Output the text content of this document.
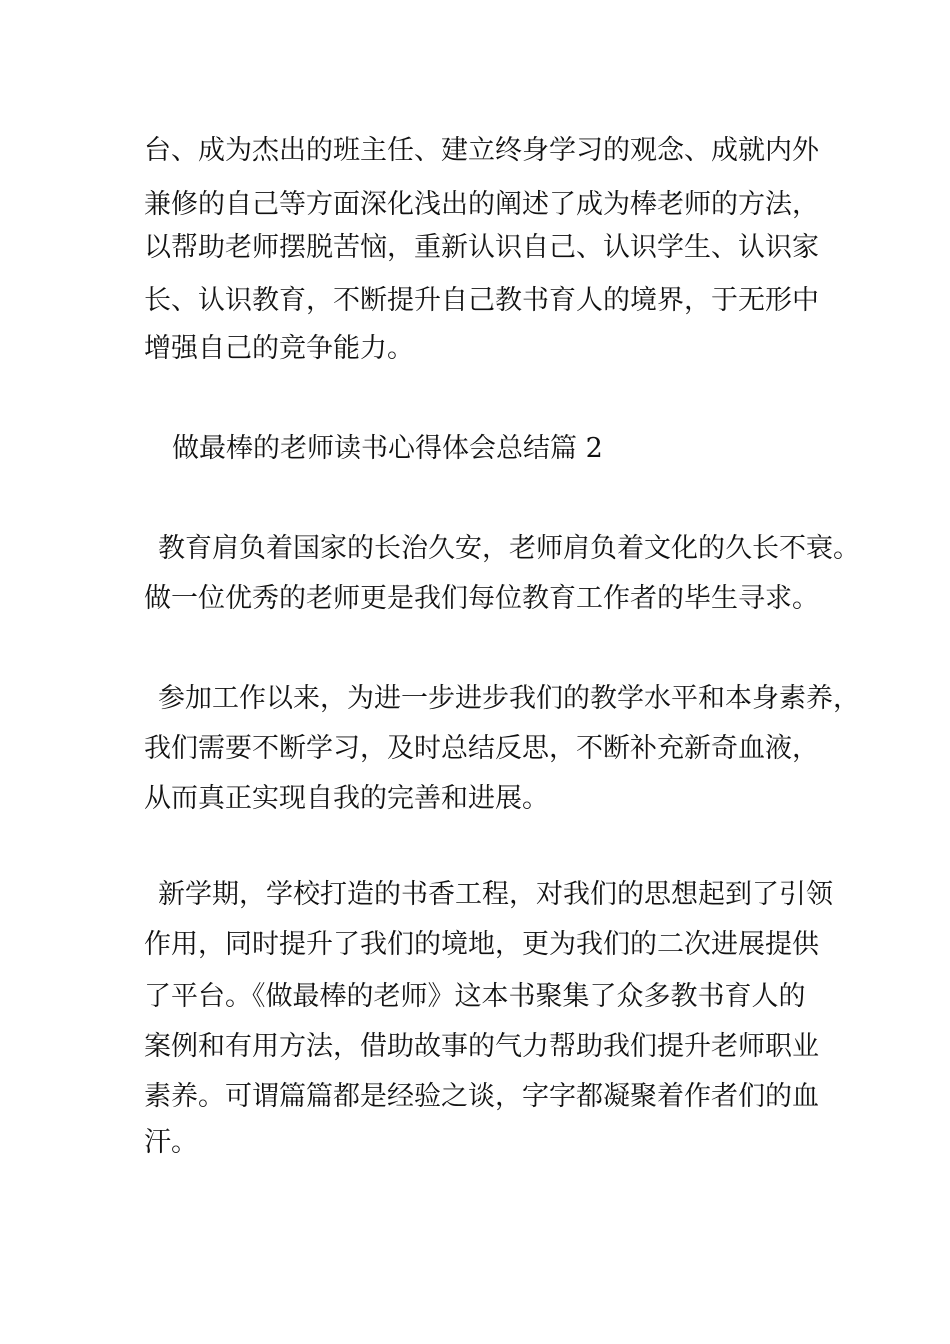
台、成为杰出的班主任、建立终身学习的观念、成就内外
兼修的自己等方面深化浅出的阐述了成为棒老师的方法，
以帮助老师摆脱苦恼，重新认识自己、认识学生、认识家
长、认识教育，不断提升自己教书育人的境界，于无形中
增强自己的竞争能力。
做最棒的老师读书心得体会总结篇 2
教育肩负着国家的长治久安，老师肩负着文化的久长不衰。
做一位优秀的老师更是我们每位教育工作者的毕生寻求。
参加工作以来，为进一步进步我们的教学水平和本身素养，
我们需要不断学习，及时总结反思，不断补充新奇血液，
从而真正实现自我的完善和进展。
新学期，学校打造的书香工程，对我们的思想起到了引领
作用，同时提升了我们的境地，更为我们的二次进展提供
了平台。《做最棒的老师》这本书聚集了众多教书育人的
案例和有用方法，借助故事的气力帮助我们提升老师职业
素养。可谓篇篇都是经验之谈，字字都凝聚着作者们的血
汗。
